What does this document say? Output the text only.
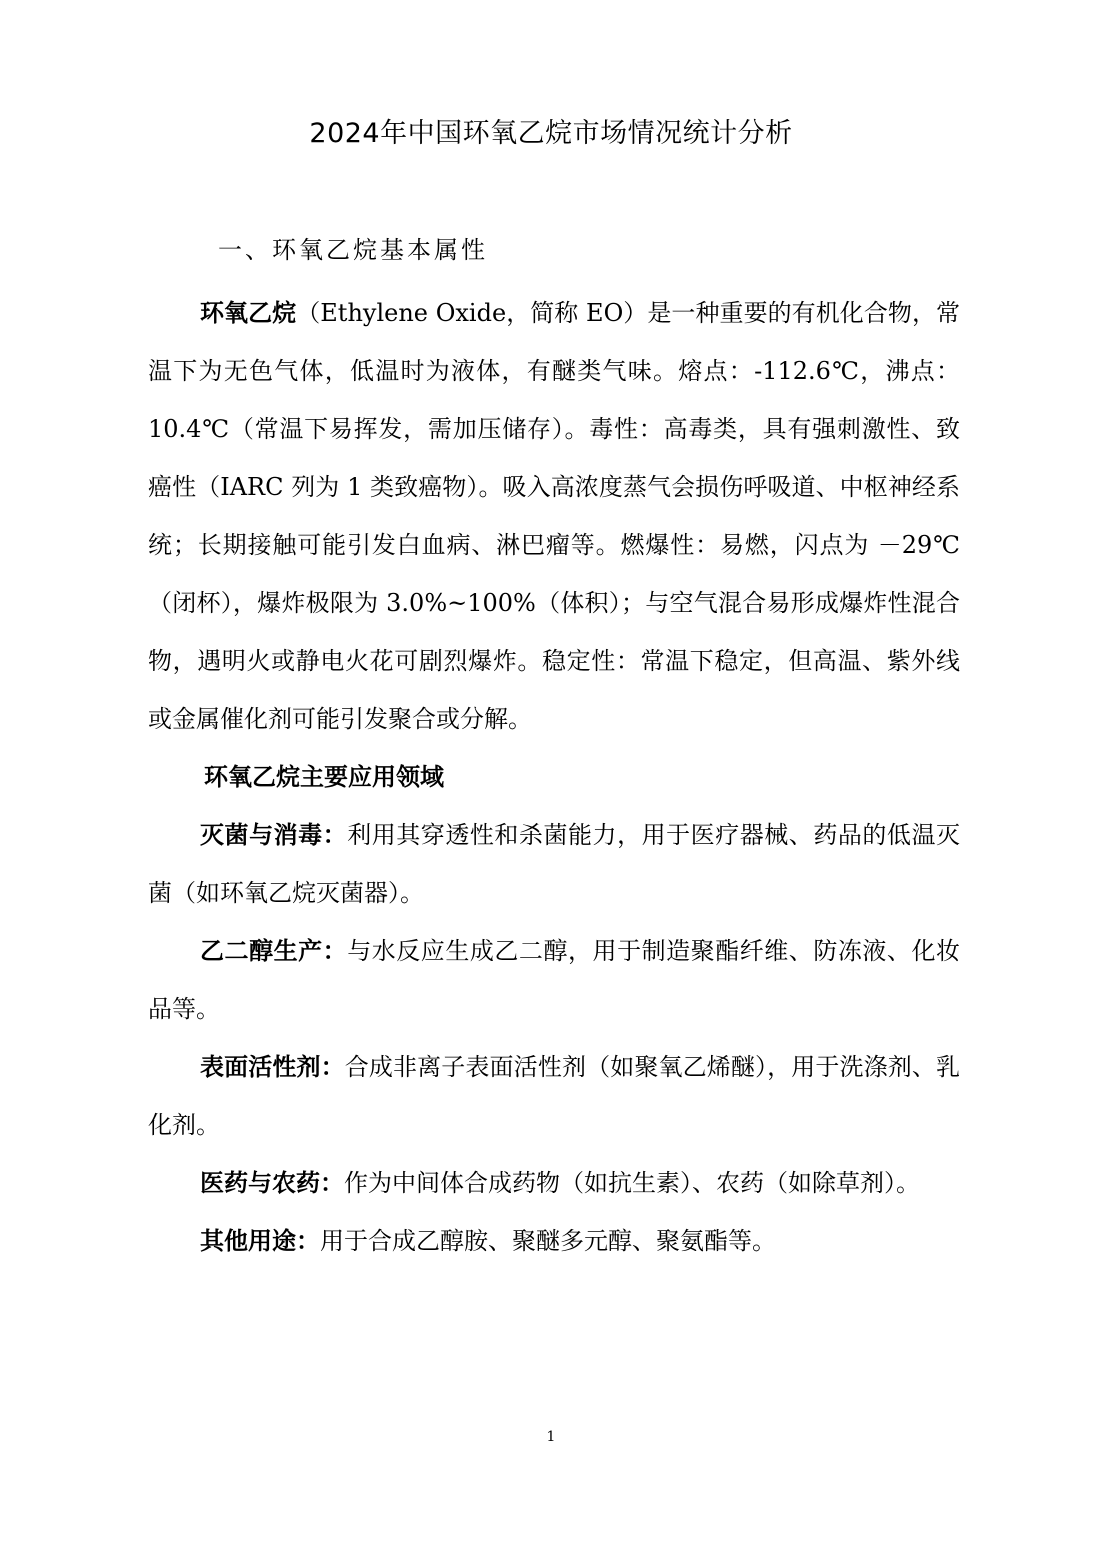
2024年中国环氧乙烷市场情况统计分析
一、环氧乙烷基本属性

环氧乙烷（Ethylene Oxide，简称 EO）是一种重要的有机化合物，常温下为无色气体，低温时为液体，有醚类气味。熔点：-112.6℃，沸点：10.4℃（常温下易挥发，需加压储存）。毒性：高毒类，具有强刺激性、致癌性（IARC 列为 1 类致癌物）。吸入高浓度蒸气会损伤呼吸道、中枢神经系统；长期接触可能引发白血病、淋巴瘤等。燃爆性：易燃，闪点为 －29℃（闭杯），爆炸极限为 3.0%~100%（体积）；与空气混合易形成爆炸性混合物，遇明火或静电火花可剧烈爆炸。稳定性：常温下稳定，但高温、紫外线或金属催化剂可能引发聚合或分解。

环氧乙烷主要应用领域

灭菌与消毒：利用其穿透性和杀菌能力，用于医疗器械、药品的低温灭菌（如环氧乙烷灭菌器）。

乙二醇生产：与水反应生成乙二醇，用于制造聚酯纤维、防冻液、化妆品等。

表面活性剂：合成非离子表面活性剂（如聚氧乙烯醚），用于洗涤剂、乳化剂。

医药与农药：作为中间体合成药物（如抗生素）、农药（如除草剂）。

其他用途：用于合成乙醇胺、聚醚多元醇、聚氨酯等。

1
